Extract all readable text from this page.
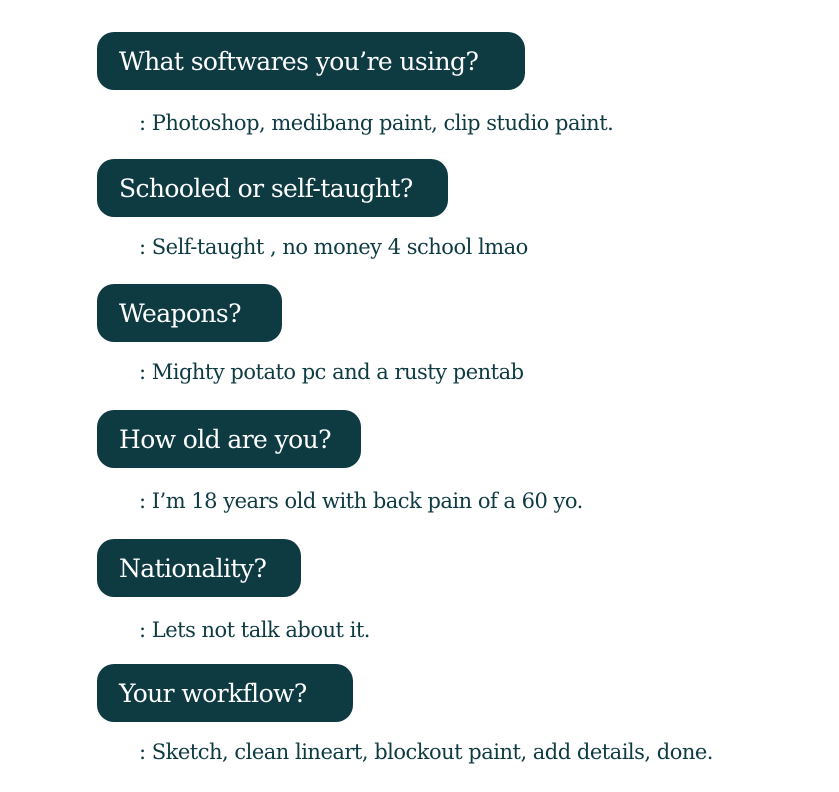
What softwares you’re using?
: Photoshop, medibang paint, clip studio paint.
Schooled or self-taught?
: Self-taught , no money 4 school lmao
Weapons?
: Mighty potato pc and a rusty pentab
How old are you?
: I’m 18 years old with back pain of a 60 yo.
Nationality?
: Lets not talk about it.
Your workflow?
: Sketch, clean lineart, blockout paint, add details, done.
